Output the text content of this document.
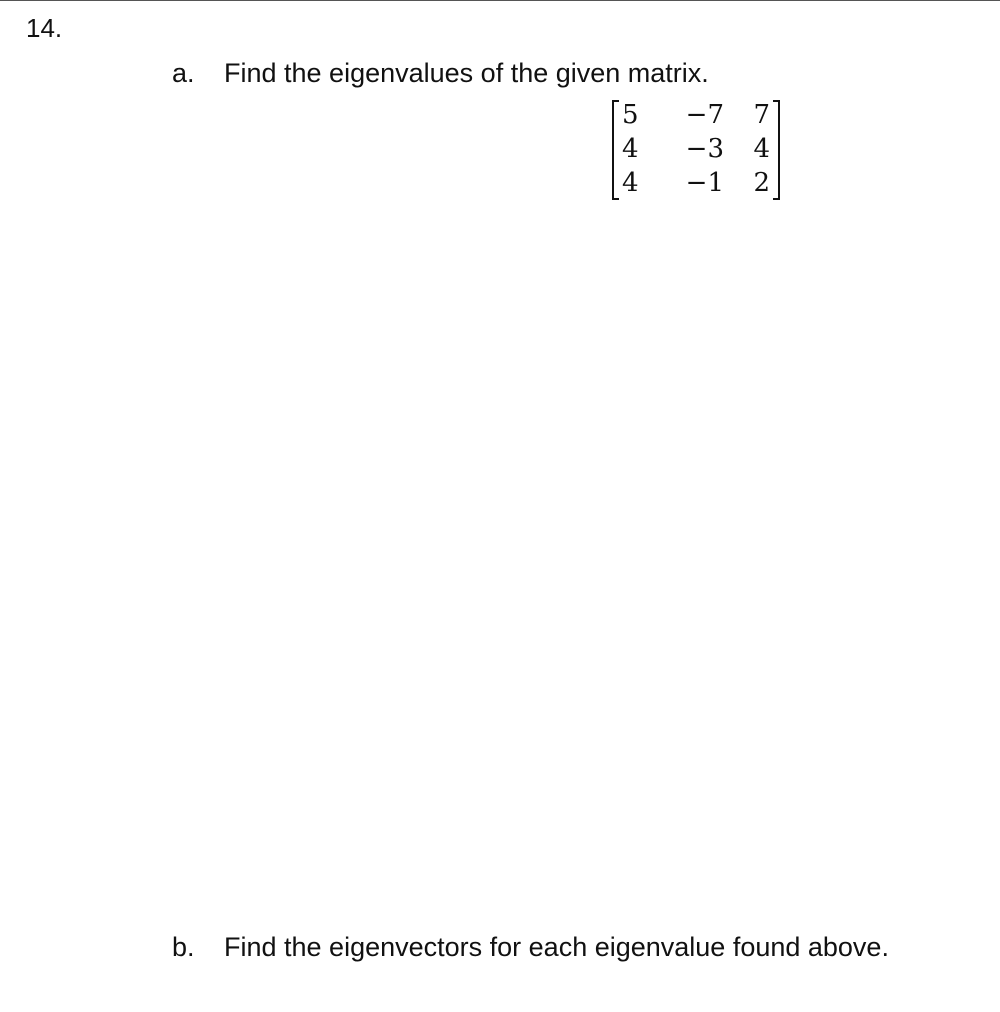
14.
a. Find the eigenvalues of the given matrix.
5	−7	7
4	−3	4
4	−1	2
b. Find the eigenvectors for each eigenvalue found above.
